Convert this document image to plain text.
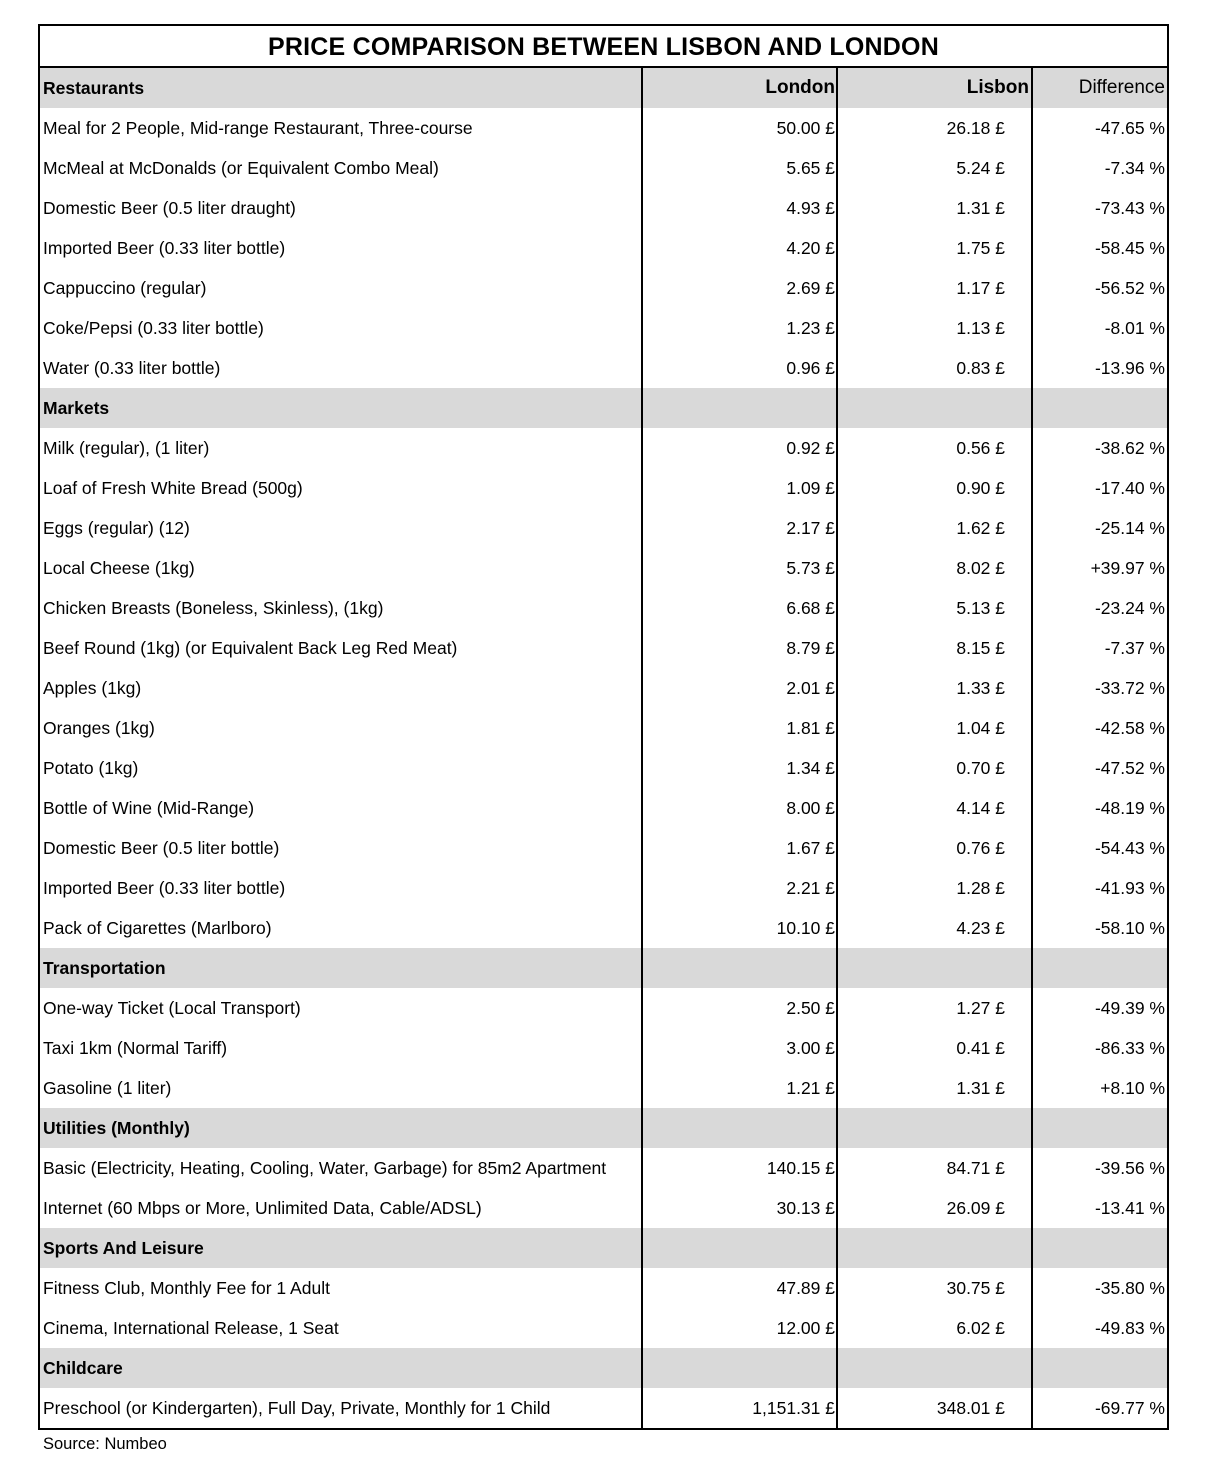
PRICE COMPARISON BETWEEN LISBON AND LONDON
Restaurants	London	Lisbon	Difference
Meal for 2 People, Mid-range Restaurant, Three-course	50.00 £	26.18 £	-47.65 %
McMeal at McDonalds (or Equivalent Combo Meal)	5.65 £	5.24 £	-7.34 %
Domestic Beer (0.5 liter draught)	4.93 £	1.31 £	-73.43 %
Imported Beer (0.33 liter bottle)	4.20 £	1.75 £	-58.45 %
Cappuccino (regular)	2.69 £	1.17 £	-56.52 %
Coke/Pepsi (0.33 liter bottle)	1.23 £	1.13 £	-8.01 %
Water (0.33 liter bottle)	0.96 £	0.83 £	-13.96 %
Markets			
Milk (regular), (1 liter)	0.92 £	0.56 £	-38.62 %
Loaf of Fresh White Bread (500g)	1.09 £	0.90 £	-17.40 %
Eggs (regular) (12)	2.17 £	1.62 £	-25.14 %
Local Cheese (1kg)	5.73 £	8.02 £	+39.97 %
Chicken Breasts (Boneless, Skinless), (1kg)	6.68 £	5.13 £	-23.24 %
Beef Round (1kg) (or Equivalent Back Leg Red Meat)	8.79 £	8.15 £	-7.37 %
Apples (1kg)	2.01 £	1.33 £	-33.72 %
Oranges (1kg)	1.81 £	1.04 £	-42.58 %
Potato (1kg)	1.34 £	0.70 £	-47.52 %
Bottle of Wine (Mid-Range)	8.00 £	4.14 £	-48.19 %
Domestic Beer (0.5 liter bottle)	1.67 £	0.76 £	-54.43 %
Imported Beer (0.33 liter bottle)	2.21 £	1.28 £	-41.93 %
Pack of Cigarettes (Marlboro)	10.10 £	4.23 £	-58.10 %
Transportation			
One-way Ticket (Local Transport)	2.50 £	1.27 £	-49.39 %
Taxi 1km (Normal Tariff)	3.00 £	0.41 £	-86.33 %
Gasoline (1 liter)	1.21 £	1.31 £	+8.10 %
Utilities (Monthly)			
Basic (Electricity, Heating, Cooling, Water, Garbage) for 85m2 Apartment	140.15 £	84.71 £	-39.56 %
Internet (60 Mbps or More, Unlimited Data, Cable/ADSL)	30.13 £	26.09 £	-13.41 %
Sports And Leisure			
Fitness Club, Monthly Fee for 1 Adult	47.89 £	30.75 £	-35.80 %
Cinema, International Release, 1 Seat	12.00 £	6.02 £	-49.83 %
Childcare			
Preschool (or Kindergarten), Full Day, Private, Monthly for 1 Child	1,151.31 £	348.01 £	-69.77 %
Source: Numbeo
